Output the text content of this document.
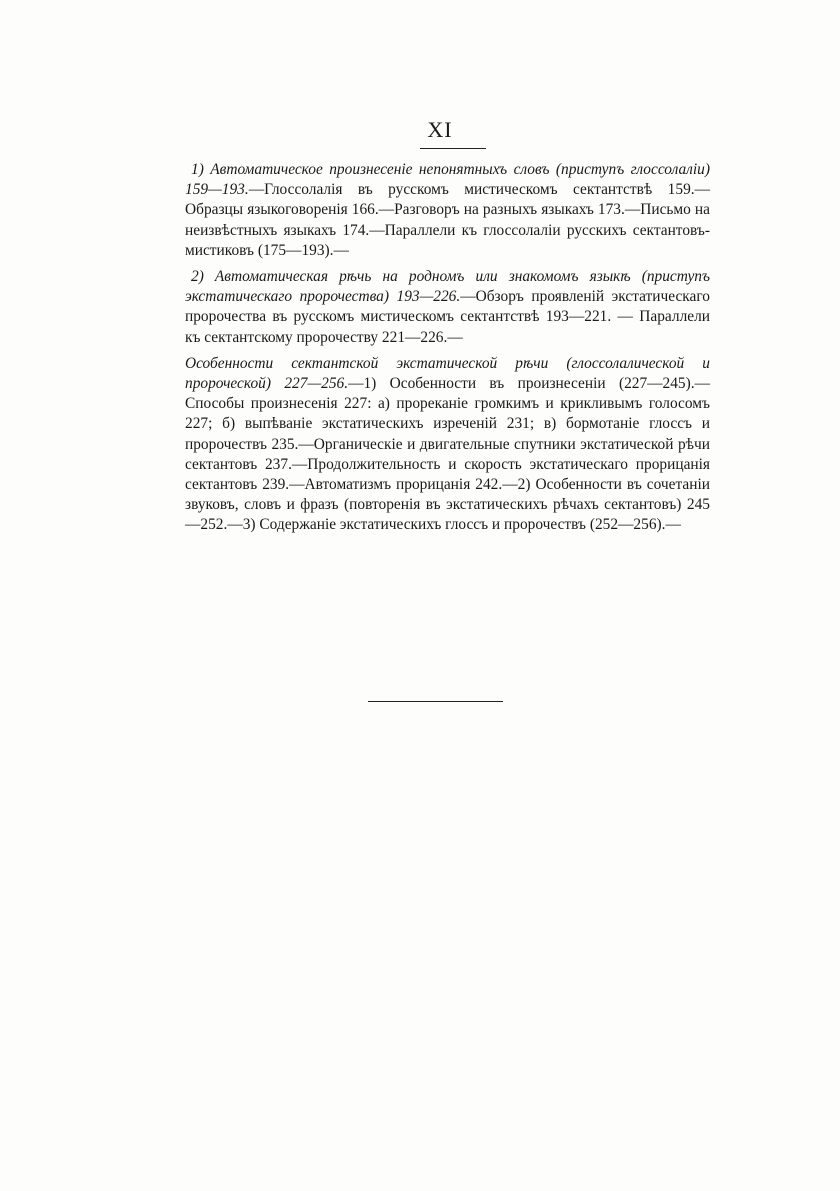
XI

1) Автоматическое произнесеніе непонятныхъ словъ (приступъ глоссолаліи) 159—193.—Глоссолалія въ русскомъ мистическомъ сектантствѣ 159.—Образцы языкоговоренія 166.—Разговоръ на разныхъ языкахъ 173.—Письмо на неизвѣстныхъ языкахъ 174.—Параллели къ глоссолаліи русскихъ сектантовъ-мистиковъ (175—193).—

2) Автоматическая рѣчь на родномъ или знакомомъ языкѣ (приступъ экстатическаго пророчества) 193—226.—Обзоръ проявленій экстатическаго пророчества въ русскомъ мистическомъ сектантствѣ 193—221. — Параллели къ сектантскому пророчеству 221—226.—

Особенности сектантской экстатической рѣчи (глоссолалической и пророческой) 227—256.—1) Особенности въ произнесеніи (227—245).—Способы произнесенія 227: а) прореканіе громкимъ и крикливымъ голосомъ 227; б) выпѣваніе экстатическихъ изреченій 231; в) бормотаніе глоссъ и пророчествъ 235.—Органическіе и двигательные спутники экстатической рѣчи сектантовъ 237.—Продолжительность и скорость экстатическаго прорицанія сектантовъ 239.—Автоматизмъ прорицанія 242.—2) Особенности въ сочетаніи звуковъ, словъ и фразъ (повторенія въ экстатическихъ рѣчахъ сектантовъ) 245—252.—3) Содержаніе экстатическихъ глоссъ и пророчествъ (252—256).—
